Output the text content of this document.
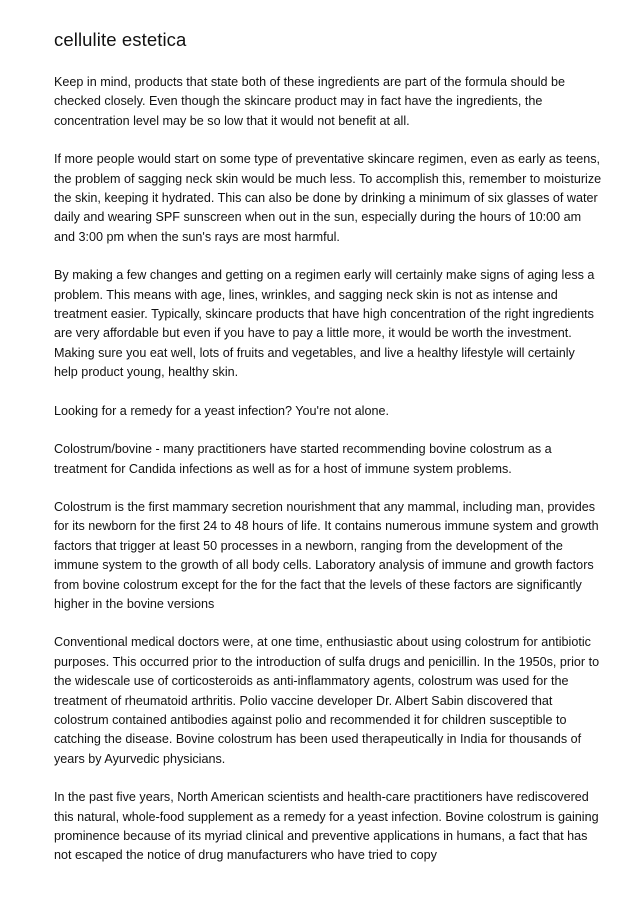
cellulite estetica

Keep in mind, products that state both of these ingredients are part of the formula should be checked closely. Even though the skincare product may in fact have the ingredients, the concentration level may be so low that it would not benefit at all.

If more people would start on some type of preventative skincare regimen, even as early as teens, the problem of sagging neck skin would be much less. To accomplish this, remember to moisturize the skin, keeping it hydrated. This can also be done by drinking a minimum of six glasses of water daily and wearing SPF sunscreen when out in the sun, especially during the hours of 10:00 am and 3:00 pm when the sun's rays are most harmful.

By making a few changes and getting on a regimen early will certainly make signs of aging less a problem. This means with age, lines, wrinkles, and sagging neck skin is not as intense and treatment easier. Typically, skincare products that have high concentration of the right ingredients are very affordable but even if you have to pay a little more, it would be worth the investment. Making sure you eat well, lots of fruits and vegetables, and live a healthy lifestyle will certainly help product young, healthy skin.

Looking for a remedy for a yeast infection? You're not alone.

Colostrum/bovine - many practitioners have started recommending bovine colostrum as a treatment for Candida infections as well as for a host of immune system problems.

Colostrum is the first mammary secretion nourishment that any mammal, including man, provides for its newborn for the first 24 to 48 hours of life. It contains numerous immune system and growth factors that trigger at least 50 processes in a newborn, ranging from the development of the immune system to the growth of all body cells. Laboratory analysis of immune and growth factors from bovine colostrum except for the for the fact that the levels of these factors are significantly higher in the bovine versions

Conventional medical doctors were, at one time, enthusiastic about using colostrum for antibiotic purposes. This occurred prior to the introduction of sulfa drugs and penicillin. In the 1950s, prior to the widescale use of corticosteroids as anti-inflammatory agents, colostrum was used for the treatment of rheumatoid arthritis. Polio vaccine developer Dr. Albert Sabin discovered that colostrum contained antibodies against polio and recommended it for children susceptible to catching the disease. Bovine colostrum has been used therapeutically in India for thousands of years by Ayurvedic physicians.

In the past five years, North American scientists and health-care practitioners have rediscovered this natural, whole-food supplement as a remedy for a yeast infection. Bovine colostrum is gaining prominence because of its myriad clinical and preventive applications in humans, a fact that has not escaped the notice of drug manufacturers who have tried to copy
